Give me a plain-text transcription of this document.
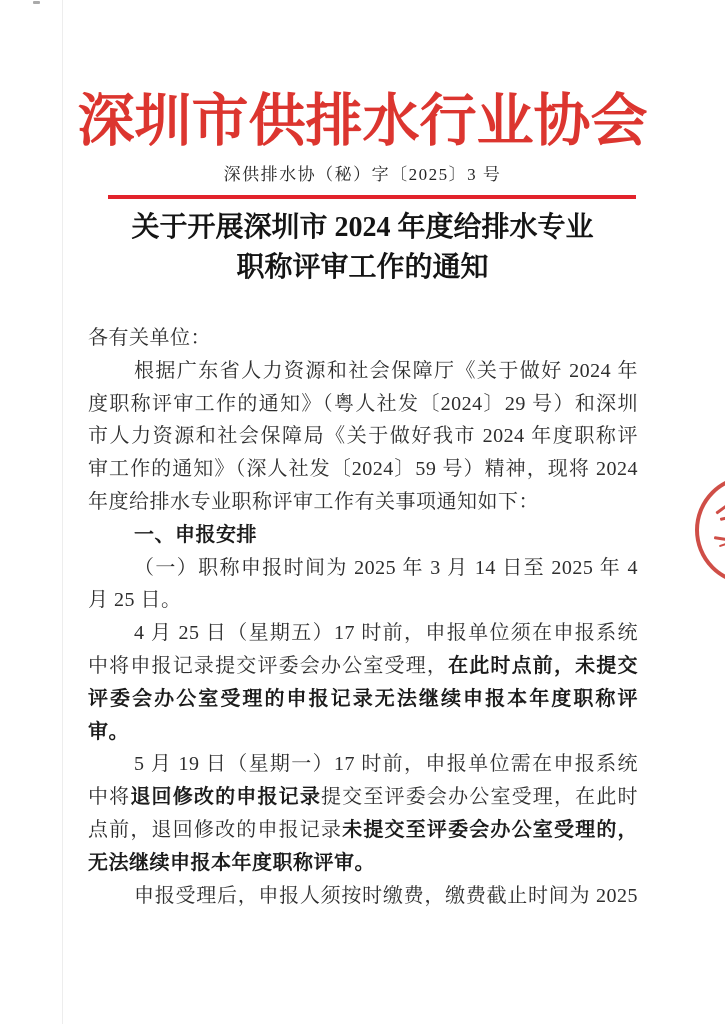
深圳市供排水行业协会
深供排水协（秘）字〔2025〕3 号
关于开展深圳市 2024 年度给排水专业
职称评审工作的通知
各有关单位：
根据广东省人力资源和社会保障厅《关于做好 2024 年
度职称评审工作的通知》（粤人社发〔2024〕29 号）和深圳
市人力资源和社会保障局《关于做好我市 2024 年度职称评
审工作的通知》（深人社发〔2024〕59 号）精神，现将 2024
年度给排水专业职称评审工作有关事项通知如下：
一、申报安排
（一）职称申报时间为 2025 年 3 月 14 日至 2025 年 4
月 25 日。
4 月 25 日（星期五）17 时前，申报单位须在申报系统
中将申报记录提交评委会办公室受理，在此时点前，未提交
评委会办公室受理的申报记录无法继续申报本年度职称评
审。
5 月 19 日（星期一）17 时前，申报单位需在申报系统
中将退回修改的申报记录提交至评委会办公室受理，在此时
点前，退回修改的申报记录未提交至评委会办公室受理的，
无法继续申报本年度职称评审。
申报受理后，申报人须按时缴费，缴费截止时间为 2025
